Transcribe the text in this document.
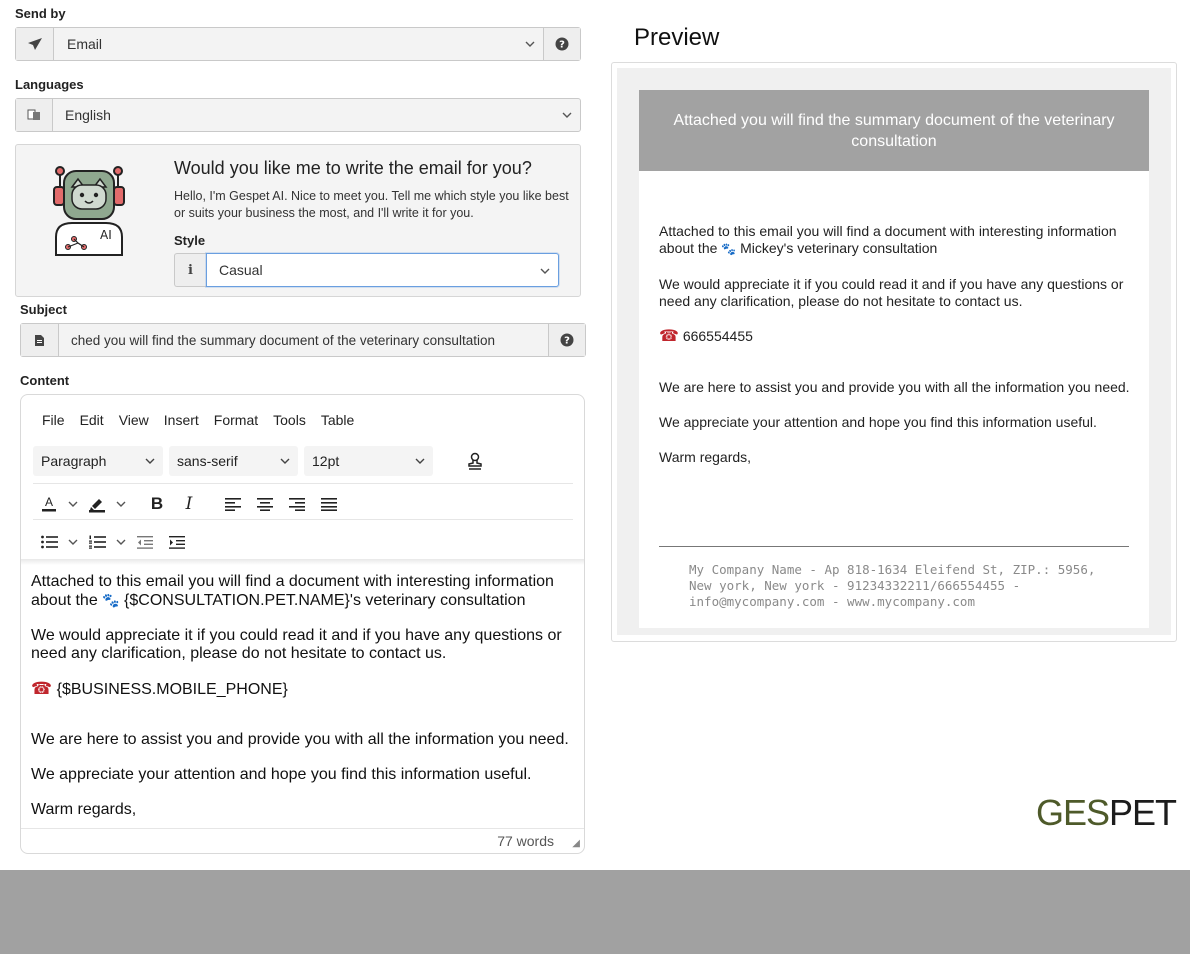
Send by
Email	?
Languages
English
AI
Would you like me to write the email for you?
Hello, I'm Gespet AI. Nice to meet you. Tell me which style you like best or suits your business the most, and I'll write it for you.
Style
i	Casual
Subject
ched you will find the summary document of the veterinary consultation	?
Content
File Edit View Insert Format Tools Table
Paragraph	sans-serif	12pt
A	B	I

Attached to this email you will find a document with interesting information about the 🐾 {$CONSULTATION.PET.NAME}'s veterinary consultation

We would appreciate it if you could read it and if you have any questions or need any clarification, please do not hesitate to contact us.

☎ {$BUSINESS.MOBILE_PHONE}

We are here to assist you and provide you with all the information you need.

We appreciate your attention and hope you find this information useful.

Warm regards,

77 words ◢
Preview
Attached you will find the summary document of the veterinary consultation

Attached to this email you will find a document with interesting information about the 🐾 Mickey's veterinary consultation

We would appreciate it if you could read it and if you have any questions or need any clarification, please do not hesitate to contact us.

☎ 666554455

We are here to assist you and provide you with all the information you need.

We appreciate your attention and hope you find this information useful.

Warm regards,

My Company Name - Ap 818-1634 Eleifend St, ZIP.: 5956, New york, New york - 91234332211/666554455 - info@mycompany.com - www.mycompany.com
GESPET
